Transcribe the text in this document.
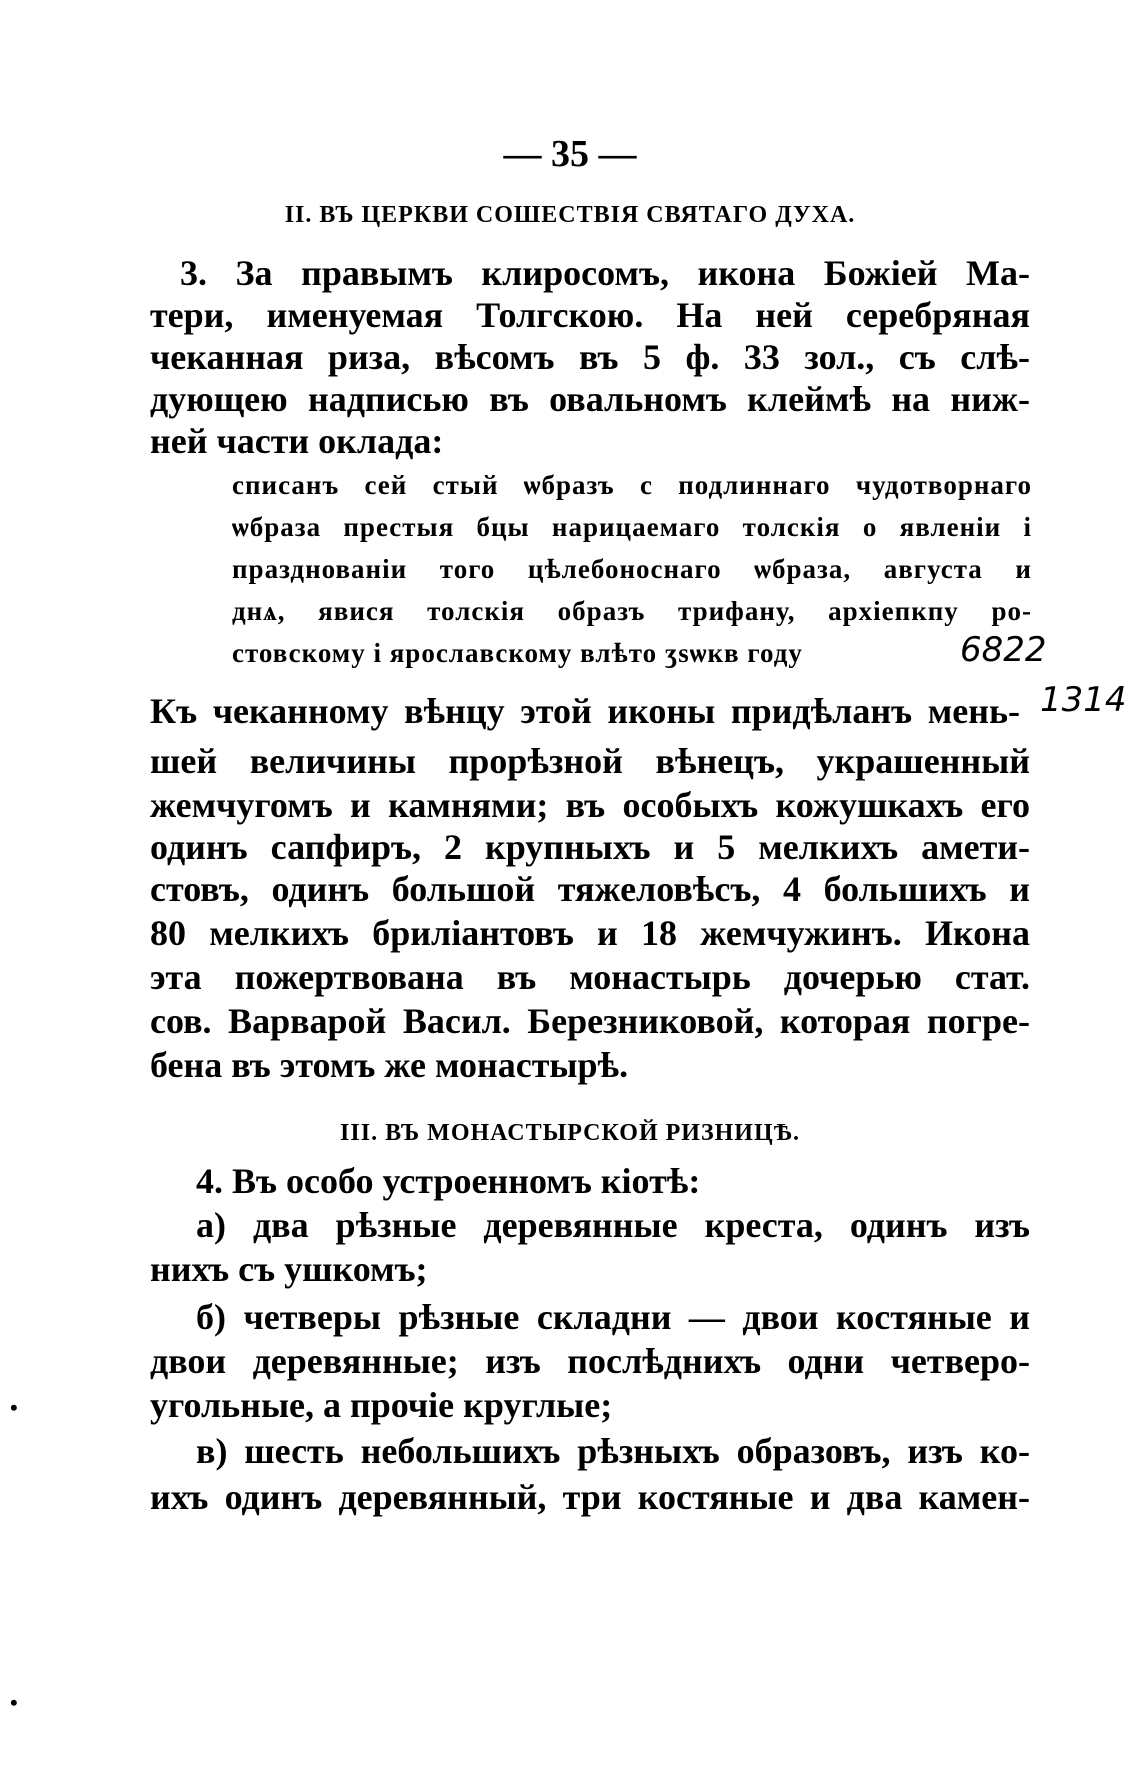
— 35 —
II. ВЪ ЦЕРКВИ СОШЕСТВІЯ СВЯТАГО ДУХА.
3. За правымъ клиросомъ, икона Божіей Ма-
тери, именуемая Толгскою. На ней серебряная
чеканная риза, вѣсомъ въ 5 ф. 33 зол., съ слѣ-
дующею надписью въ овальномъ клеймѣ на ниж-
ней части оклада:
списанъ сей стый ѡбразъ с подлиннаго чудотворнаго
ѡбраза престыя бцы нарицаемаго толскія о явленіи і
празднованіи того цѣлебоноснаго ѡбраза, августа и
днѧ, явися толскія образъ трифану, архіепкпу ро-
стовскому і ярославскому влѣто ӡѕѡкв году	6822
1314
Къ чеканному вѣнцу этой иконы придѣланъ мень-
шей величины прорѣзной вѣнецъ, украшенный
жемчугомъ и камнями; въ особыхъ кожушкахъ его
одинъ сапфиръ, 2 крупныхъ и 5 мелкихъ амети-
стовъ, одинъ большой тяжеловѣсъ, 4 большихъ и
80 мелкихъ бриліантовъ и 18 жемчужинъ. Икона
эта пожертвована въ монастырь дочерью стат.
сов. Варварой Васил. Березниковой, которая погре-
бена въ этомъ же монастырѣ.
III. ВЪ МОНАСТЫРСКОЙ РИЗНИЦѢ.
4. Въ особо устроенномъ кіотѣ:
а) два рѣзные деревянные креста, одинъ изъ
нихъ съ ушкомъ;
б) четверы рѣзные складни — двои костяные и
двои деревянные; изъ послѣднихъ одни четверо-
угольные, а прочіе круглые;
в) шесть небольшихъ рѣзныхъ образовъ, изъ ко-
ихъ одинъ деревянный, три костяные и два камен-
•
•
